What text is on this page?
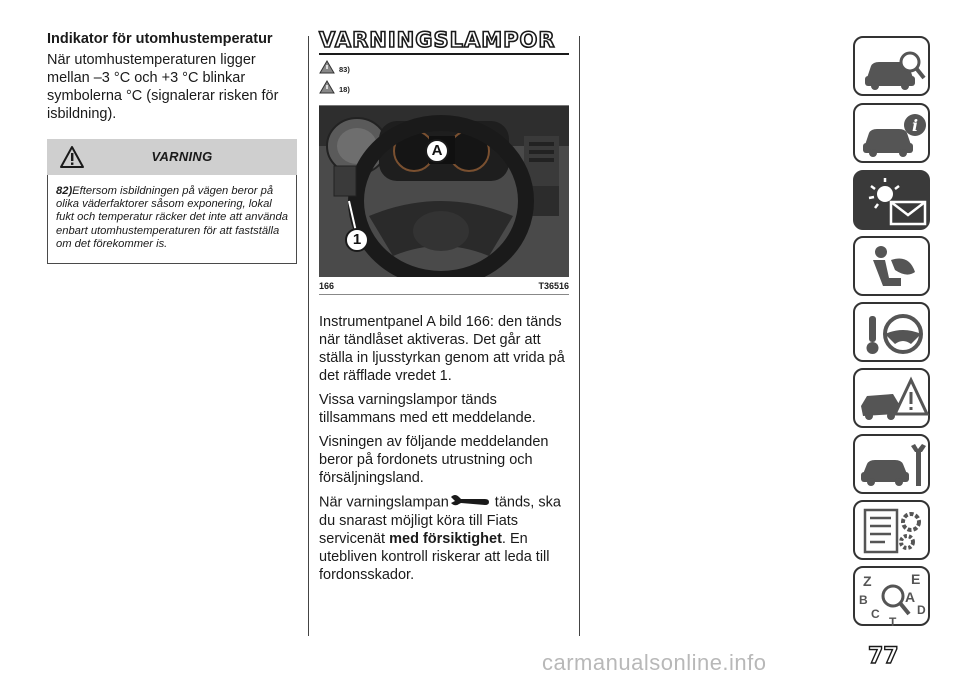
Indikator för utomhustemperatur
När utomhustemperaturen ligger mellan –3 °C och +3 °C blinkar symbolerna °C (signalerar risken för isbildning).
VARNING
82)Eftersom isbildningen på vägen beror på olika väderfaktorer såsom exponering, lokal fukt och temperatur räcker det inte att använda enbart utomhustemperaturen för att fastställa om det förekommer is.
VARNINGSLAMPOR
83)
18)
A
1
166	T36516

Instrumentpanel A bild 166: den tänds när tändlåset aktiveras. Det går att ställa in ljusstyrkan genom att vrida på det räfflade vredet 1.

Vissa varningslampor tänds tillsammans med ett meddelande.

Visningen av följande meddelanden beror på fordonets utrustning och försäljningsland.

När varningslampan	tänds, ska du snarast möjligt köra till Fiats servicenät med försiktighet. En utebliven kontroll riskerar att leda till fordonsskador.

i
Z	E
B	A
C	D
T
77
carmanualsonline.info
